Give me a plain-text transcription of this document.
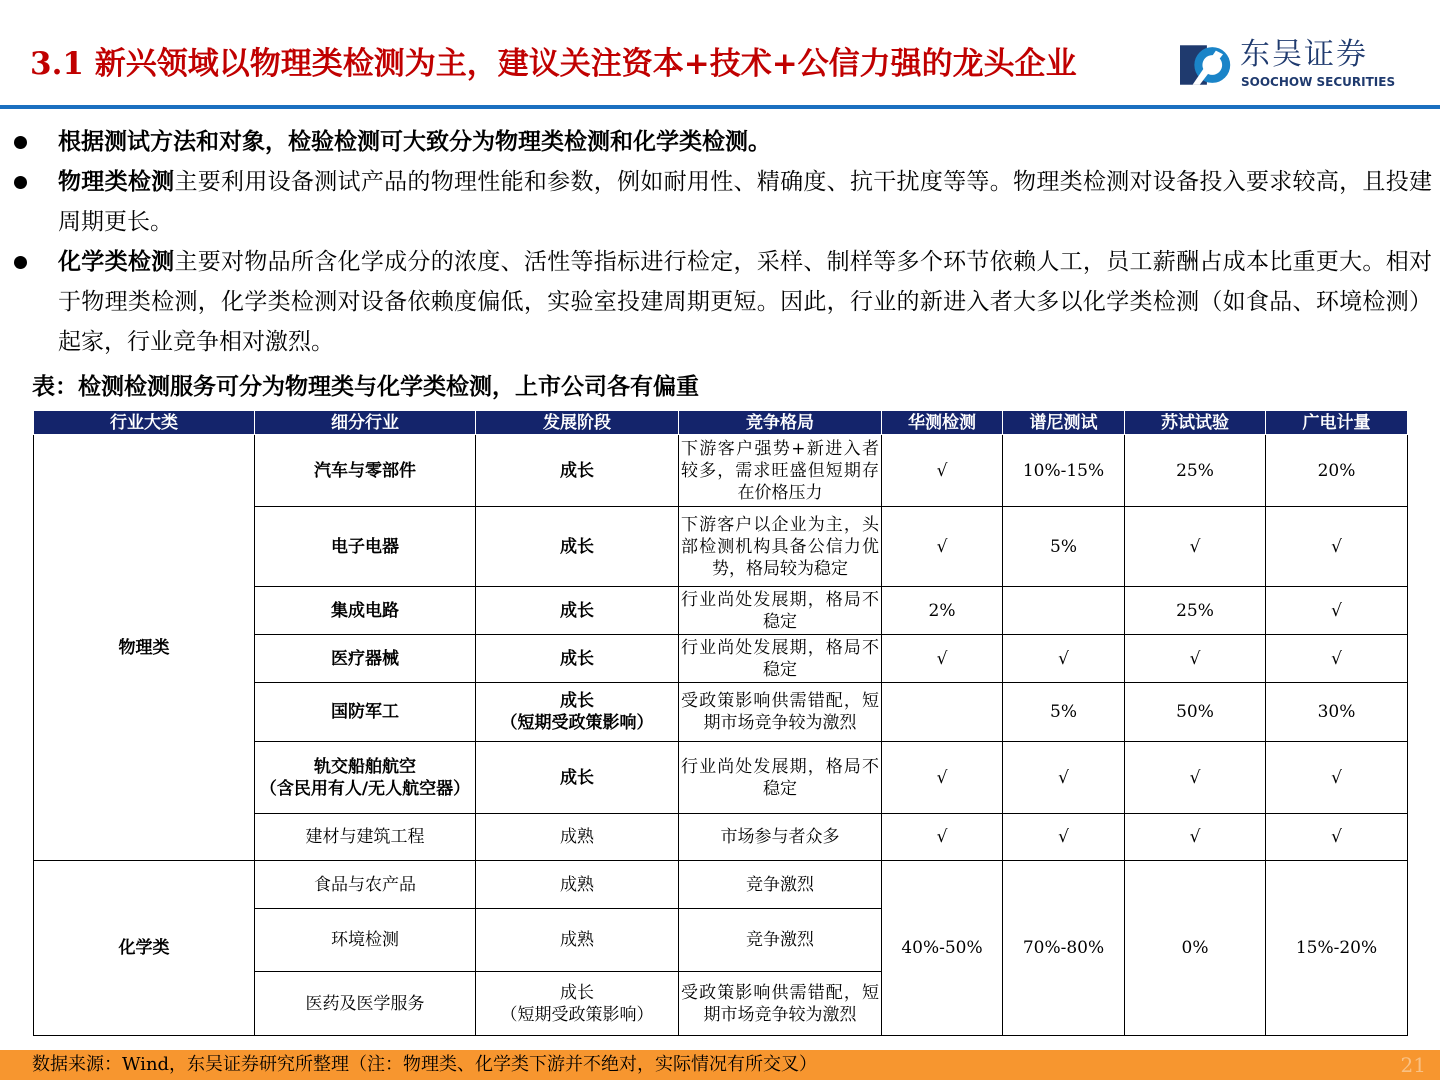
3.1 新兴领域以物理类检测为主，建议关注资本+技术+公信力强的龙头企业	东吴证券
SOOCHOW SECURITIES
根据测试方法和对象，检验检测可大致分为物理类检测和化学类检测。
物理类检测主要利用设备测试产品的物理性能和参数，例如耐用性、精确度、抗干扰度等等。物理类检测对设备投入要求较高，且投建周期更长。
化学类检测主要对物品所含化学成分的浓度、活性等指标进行检定，采样、制样等多个环节依赖人工，员工薪酬占成本比重更大。相对于物理类检测，化学类检测对设备依赖度偏低，实验室投建周期更短。因此，行业的新进入者大多以化学类检测（如食品、环境检测）起家，行业竞争相对激烈。
表：检测检测服务可分为物理类与化学类检测，上市公司各有偏重
行业大类	细分行业	发展阶段	竞争格局	华测检测	谱尼测试	苏试试验	广电计量
物理类	汽车与零部件	成长	下游客户强势+新进入者较多，需求旺盛但短期存在价格压力	√	10%-15%	25%	20%
	电子电器	成长	下游客户以企业为主，头部检测机构具备公信力优势，格局较为稳定	√	5%	√	√
	集成电路	成长	行业尚处发展期，格局不稳定	2%		25%	√
	医疗器械	成长	行业尚处发展期，格局不稳定	√	√	√	√
	国防军工	成长
（短期受政策影响）	受政策影响供需错配，短期市场竞争较为激烈		5%	50%	30%
	轨交船舶航空
（含民用有人/无人航空器）	成长	行业尚处发展期，格局不稳定	√	√	√	√
	建材与建筑工程	成熟	市场参与者众多	√	√	√	√
化学类	食品与农产品	成熟	竞争激烈	40%-50%	70%-80%	0%	15%-20%
	环境检测	成熟	竞争激烈				
	医药及医学服务	成长
（短期受政策影响）	受政策影响供需错配，短期市场竞争较为激烈				
数据来源：Wind，东吴证券研究所整理（注：物理类、化学类下游并不绝对，实际情况有所交叉）	21
